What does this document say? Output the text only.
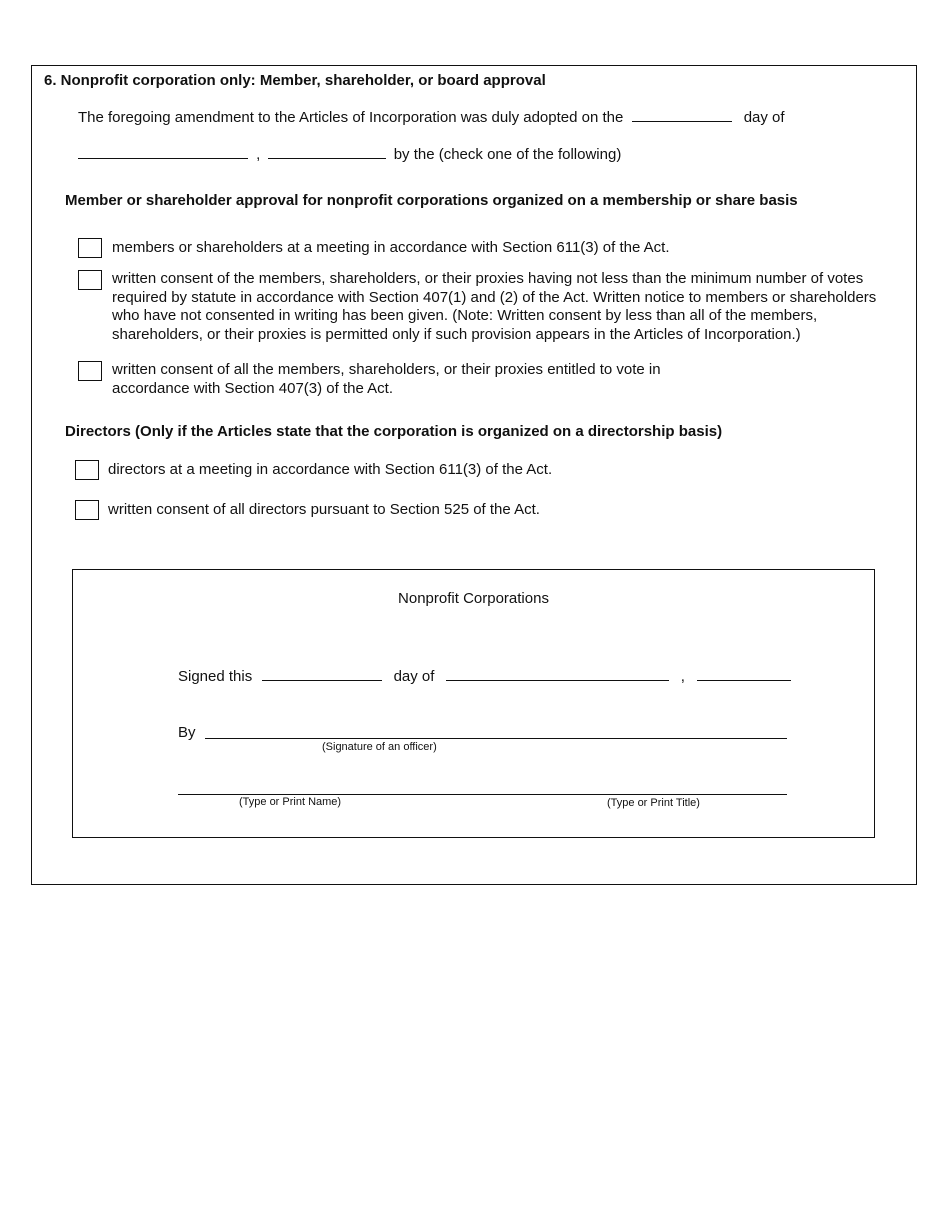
6. Nonprofit corporation only: Member, shareholder, or board approval
The foregoing amendment to the Articles of Incorporation was duly adopted on the	day of
,	by the (check one of the following)
Member or shareholder approval for nonprofit corporations organized on a membership or share basis
members or shareholders at a meeting in accordance with Section 611(3) of the Act.
written consent of the members, shareholders, or their proxies having not less than the minimum number of votes required by statute in accordance with Section 407(1) and (2) of the Act. Written notice to members or shareholders who have not consented in writing has been given. (Note: Written consent by less than all of the members, shareholders, or their proxies is permitted only if such provision appears in the Articles of Incorporation.)
written consent of all the members, shareholders, or their proxies entitled to vote in accordance with Section 407(3) of the Act.
Directors (Only if the Articles state that the corporation is organized on a directorship basis)
directors at a meeting in accordance with Section 611(3) of the Act.
written consent of all directors pursuant to Section 525 of the Act.
Nonprofit Corporations
Signed this	day of	,
By
(Signature of an officer)
(Type or Print Name)	(Type or Print Title)
